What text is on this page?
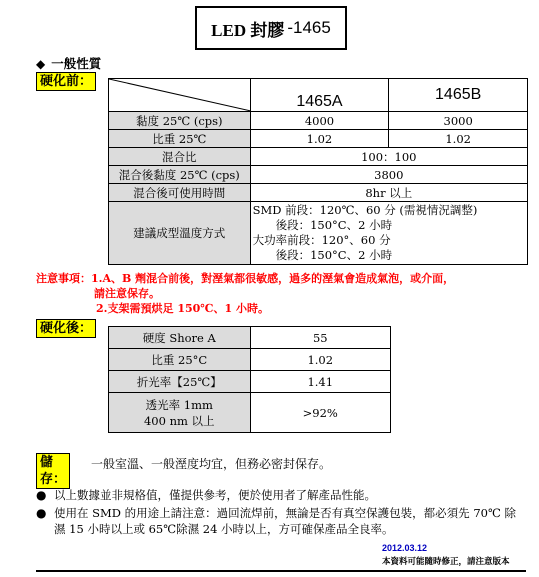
LED 封膠 -1465
◆ 一般性質
硬化前：
	1465A	1465B
黏度 25℃ (cps)	4000	3000
比重 25℃	1.02	1.02
混合比	100：100	
混合後黏度 25℃ (cps)	3800	
混合後可使用時間	8hr 以上	
建議成型溫度方式	SMD 前段：120℃、60 分 (需視情況調整)
　　後段：150°C、2 小時
大功率前段：120°、60 分
　　後段：150°C、2 小時	
注意事項：1.A、B 劑混合前後，對溼氣都很敏感，過多的溼氣會造成氣泡，或介面，
請注意保存。
2.支架需預烘足 150℃、1 小時。
硬化後：
硬度 Shore A	55
比重 25°C	1.02
折光率【25℃】	1.41

透光率 1mm
400 nm 以上	>92%
儲存：
一般室溫、一般溼度均宜，但務必密封保存。
● 以上數據並非規格值，僅提供參考，便於使用者了解產品性能。
● 使用在 SMD 的用途上請注意：過回流焊前，無論是否有真空保護包裝，都必須先 70℃ 除濕 15 小時以上或 65℃除濕 24 小時以上，方可確保產品全良率。
2012.03.12
本資料可能隨時修正，請注意版本
